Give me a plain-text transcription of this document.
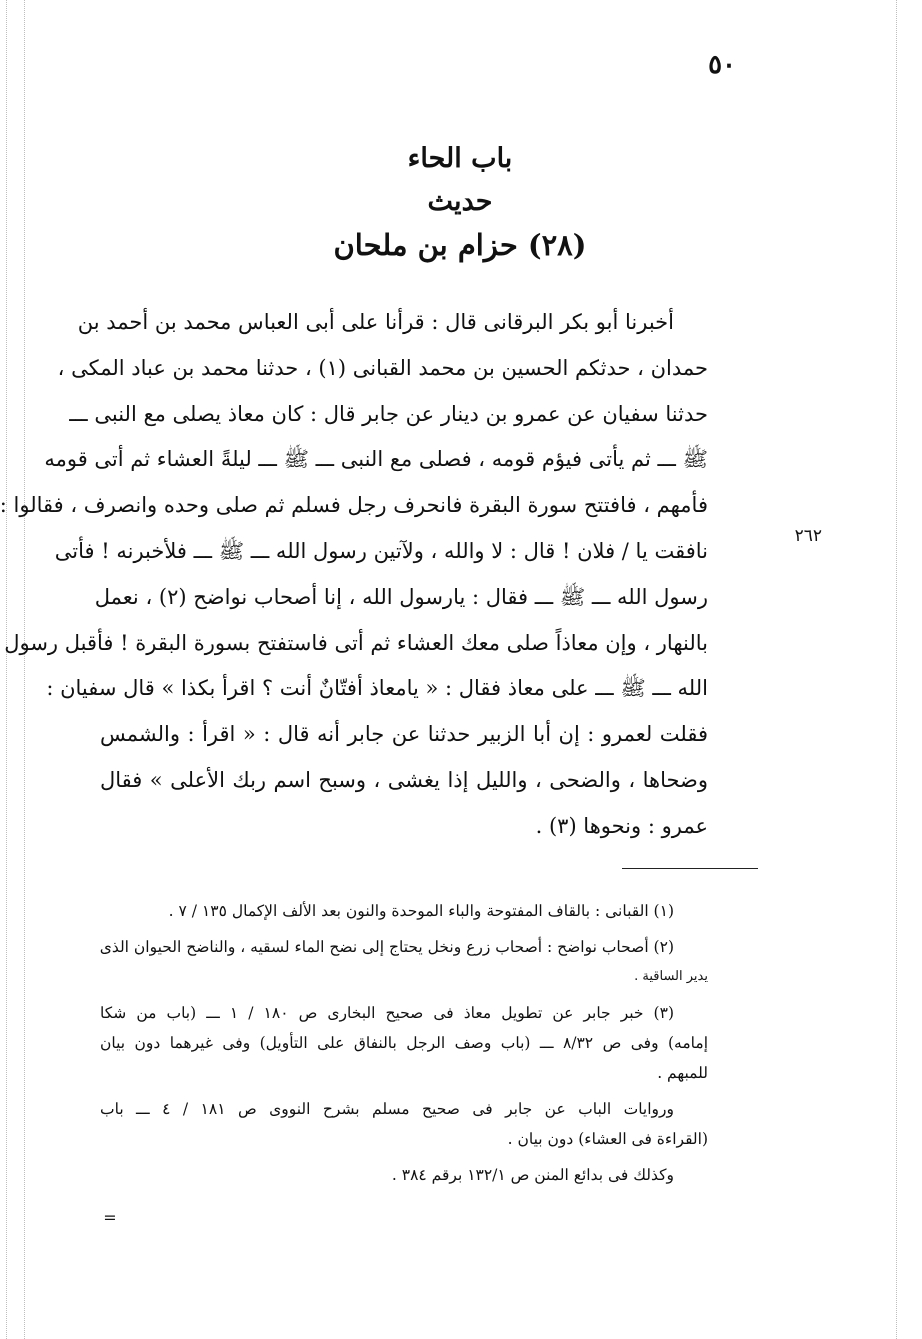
٥٠
باب الحاء
حديث
(٢٨) حزام بن ملحان
أخبرنا أبو بكر البرقانى قال : قرأنا على أبى العباس محمد بن أحمد بن
حمدان ، حدثكم الحسين بن محمد القبانى (١) ، حدثنا محمد بن عباد المكى ،
حدثنا سفيان عن عمرو بن دينار عن جابر قال : كان معاذ يصلى مع النبى ـــ
ﷺ ـــ ثم يأتى فيؤم قومه ، فصلى مع النبى ـــ ﷺ ـــ ليلةً العشاء ثم أتى قومه
فأمهم ، فافتتح سورة البقرة فانحرف رجل فسلم ثم صلى وحده وانصرف ، فقالوا :
نافقت يا / فلان ! قال : لا والله ، ولآتين رسول الله ـــ ﷺ ـــ فلأخبرنه ! فأتى
رسول الله ـــ ﷺ ـــ فقال : يارسول الله ، إنا أصحاب نواضح (٢) ، نعمل
بالنهار ، وإن معاذاً صلى معك العشاء ثم أتى فاستفتح بسورة البقرة ! فأقبل رسول
الله ـــ ﷺ ـــ على معاذ فقال : « يامعاذ أفتّانٌ أنت ؟ اقرأ بكذا » قال سفيان :
فقلت لعمرو : إن أبا الزبير حدثنا عن جابر أنه قال : « اقرأ : والشمس
وضحاها ، والضحى ، والليل إذا يغشى ، وسبح اسم ربك الأعلى » فقال
عمرو : ونحوها (٣) .
٢٦٢
(١) القبانى : بالقاف المفتوحة والباء الموحدة والنون بعد الألف الإكمال ١٣٥ / ٧ .
(٢) أصحاب نواضح : أصحاب زرع ونخل يحتاج إلى نضح الماء لسقيه ، والناضح الحيوان الذى
يدير الساقية .
(٣) خبر جابر عن تطويل معاذ فى صحيح البخارى ص ١٨٠ / ١ ـــ (باب من شكا
إمامه) وفى ص ٨/٣٢ ـــ (باب وصف الرجل بالنفاق على التأويل) وفى غيرهما دون بيان
للمبهم .
وروايات الباب عن جابر فى صحيح مسلم بشرح النووى ص ١٨١ / ٤ ـــ باب
(القراءة فى العشاء) دون بيان .
وكذلك فى بدائع المنن ص ١٣٢/١ برقم ٣٨٤ .
=
